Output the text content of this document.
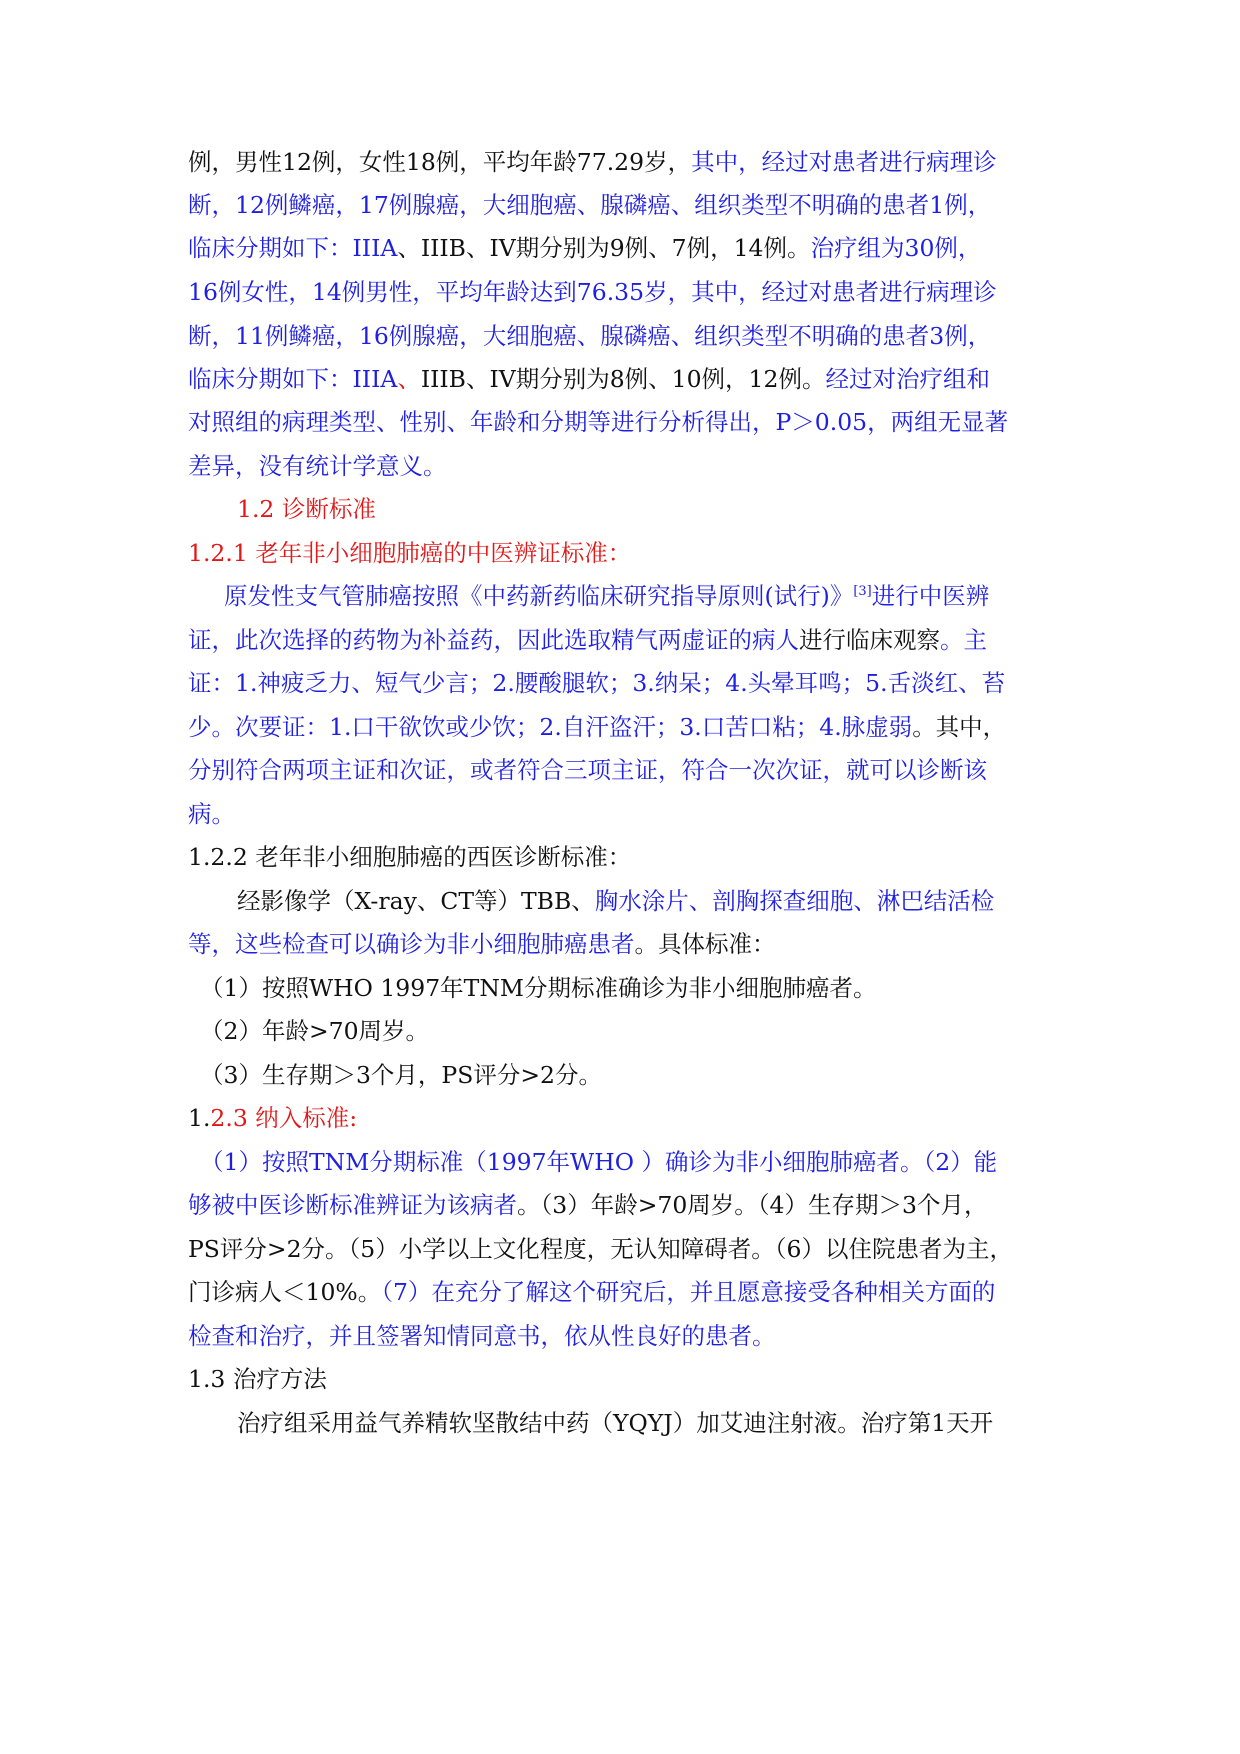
例，男性12例，女性18例，平均年龄77.29岁，其中，经过对患者进行病理诊
断，12例鳞癌，17例腺癌，大细胞癌、腺磷癌、组织类型不明确的患者1例，
临床分期如下：IIIA、IIIB、IV期分别为9例、7例，14例。治疗组为30例，
16例女性，14例男性，平均年龄达到76.35岁，其中，经过对患者进行病理诊
断，11例鳞癌，16例腺癌，大细胞癌、腺磷癌、组织类型不明确的患者3例，
临床分期如下：IIIA、IIIB、IV期分别为8例、10例，12例。经过对治疗组和
对照组的病理类型、性别、年龄和分期等进行分析得出，P＞0.05，两组无显著
差异，没有统计学意义。
1.2 诊断标准
1.2.1 老年非小细胞肺癌的中医辨证标准：
原发性支气管肺癌按照《中药新药临床研究指导原则(试行)》[3]进行中医辨
证，此次选择的药物为补益药，因此选取精气两虚证的病人进行临床观察。主
证：1.神疲乏力、短气少言；2.腰酸腿软；3.纳呆；4.头晕耳鸣；5.舌淡红、苔
少。次要证：1.口干欲饮或少饮；2.自汗盗汗；3.口苦口粘；4.脉虚弱。其中，
分别符合两项主证和次证，或者符合三项主证，符合一次次证，就可以诊断该
病。
1.2.2 老年非小细胞肺癌的西医诊断标准：
经影像学（X-ray、CT等）TBB、胸水涂片、剖胸探查细胞、淋巴结活检
等，这些检查可以确诊为非小细胞肺癌患者。具体标准：
（1）按照WHO 1997年TNM分期标准确诊为非小细胞肺癌者。
（2）年龄>70周岁。
（3）生存期＞3个月，PS评分>2分。
1.2.3 纳入标准:
（1）按照TNM分期标准（1997年WHO ）确诊为非小细胞肺癌者。（2）能
够被中医诊断标准辨证为该病者。（3）年龄>70周岁。（4）生存期＞3个月，
PS评分>2分。（5）小学以上文化程度，无认知障碍者。（6）以住院患者为主，
门诊病人＜10%。（7）在充分了解这个研究后，并且愿意接受各种相关方面的
检查和治疗，并且签署知情同意书，依从性良好的患者。
1.3 治疗方法
治疗组采用益气养精软坚散结中药（YQYJ）加艾迪注射液。治疗第1天开
